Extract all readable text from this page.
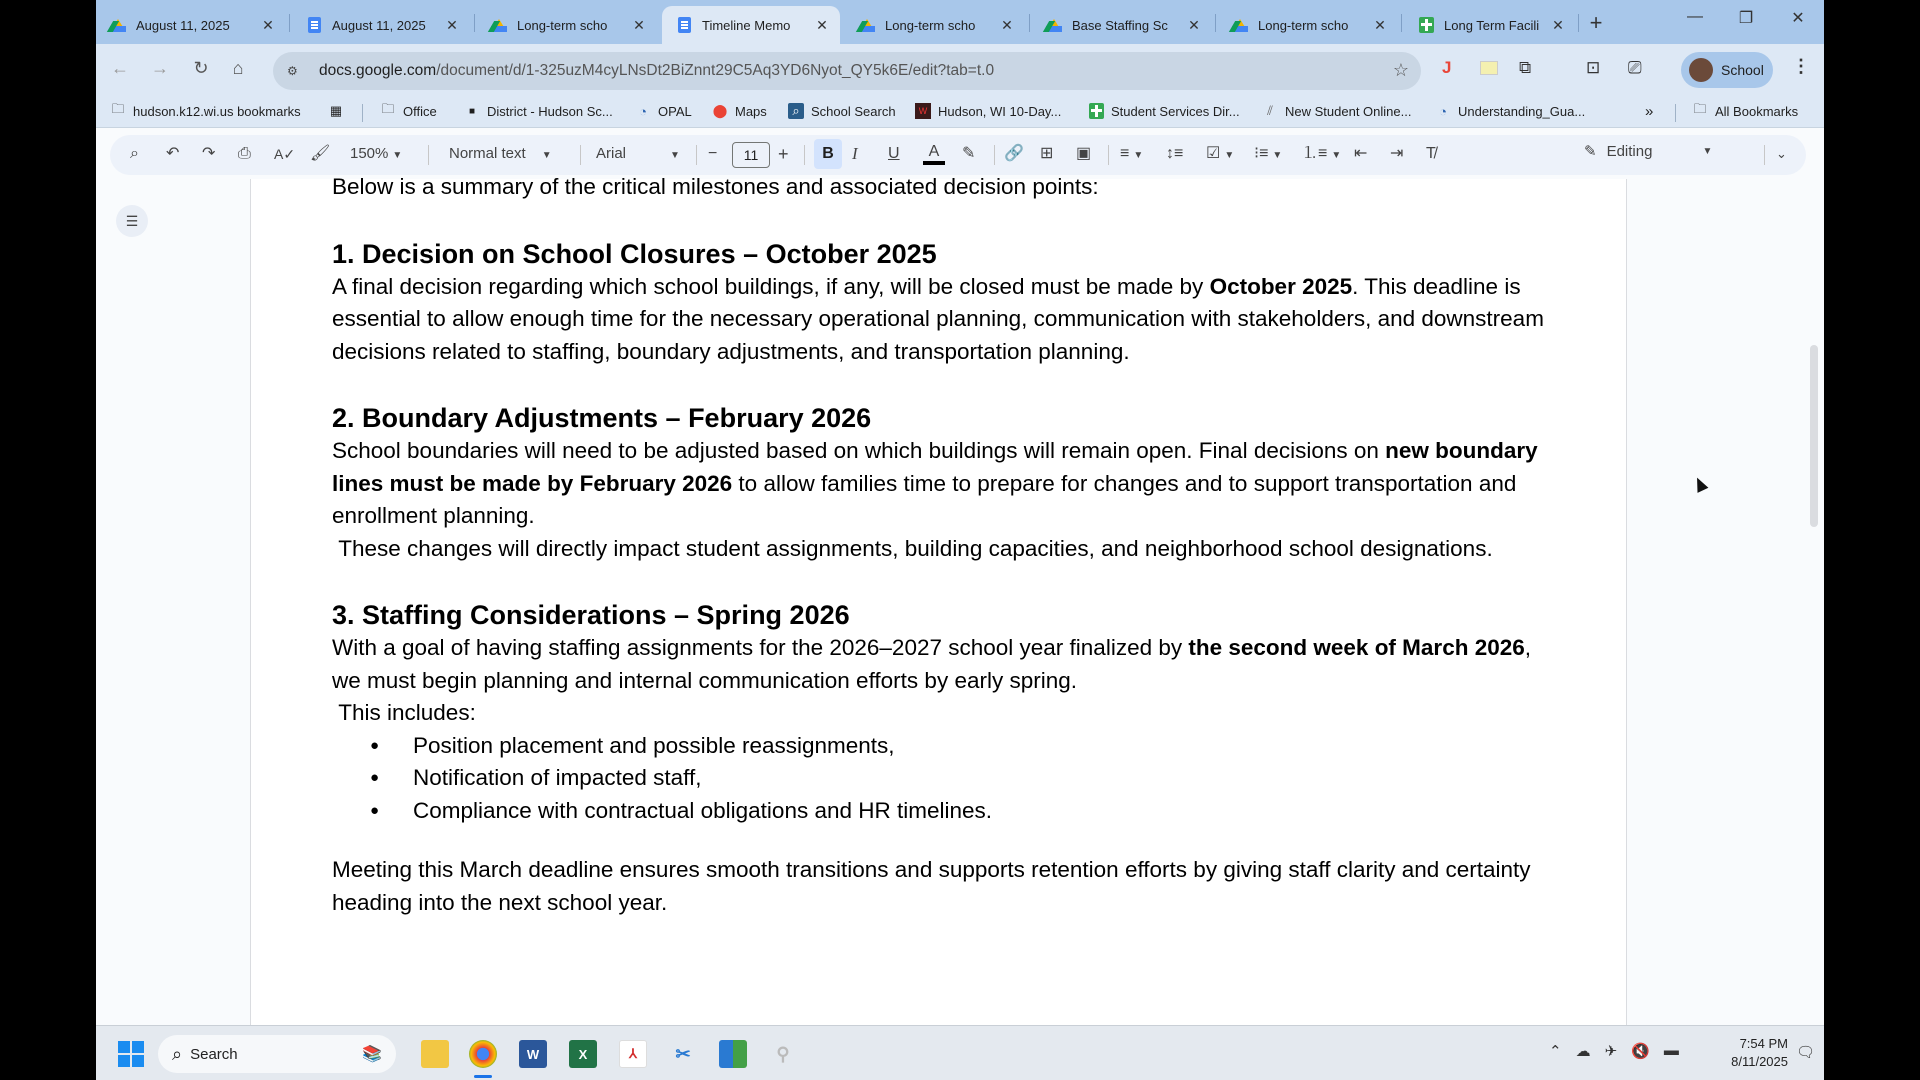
August 11, 2025	✕	August 11, 2025	✕	Long-term scho	✕	Timeline Memo	✕	Long-term scho	✕	Base Staffing Sc	✕	Long-term scho	✕	Long Term Facili ✕ +	—	❐	✕
← →	↻	⌂	⚙	docs.google.com/document/d/1-325uzM4cyLNsDt2BiZnnt29C5Aq3YD6Nyot_QY5k6E/edit?tab=t.0	☆ J	⧉	⊡ ⎚	School ⋮
🗀 hudson.k12.wi.us bookmarks ▦	🗀 Office	■ District - Hudson Sc...	◔ OPAL ⬤ Maps	⌕ School Search	W Hudson, WI 10-Day...	Student Services Dir...	⫽ New Student Online...	◔ Understanding_Gua...	»	🗀 All Bookmarks
⌕ ↶ ↷ ⎙ A✓ 🖌 150% ▼	Normal text ▼	Arial	▼ −	11	+	B	I U	A	✎ 🔗 ⊞ ▣ ≡ ▼ ↕≡ ☑ ▼ ⁝≡ ▼ ⒈≡ ▼ ⇤ ⇥ T̸	✎ Editing	▼	⌄
☰

Below is a summary of the critical milestones and associated decision points:

1. Decision on School Closures – October 2025

A final decision regarding which school buildings, if any, will be closed must be made by October 2025. This deadline is essential to allow enough time for the necessary operational planning, communication with stakeholders, and downstream decisions related to staffing, boundary adjustments, and transportation planning.

2. Boundary Adjustments – February 2026

School boundaries will need to be adjusted based on which buildings will remain open. Final decisions on new boundary lines must be made by February 2026 to allow families time to prepare for changes and to support transportation and enrollment planning.

These changes will directly impact student assignments, building capacities, and neighborhood school designations.

3. Staffing Considerations – Spring 2026

With a goal of having staffing assignments for the 2026–2027 school year finalized by the second week of March 2026, we must begin planning and internal communication efforts by early spring.

This includes:

● Position placement and possible reassignments,
● Notification of impacted staff,
● Compliance with contractual obligations and HR timelines.

Meeting this March deadline ensures smooth transitions and supports retention efforts by giving staff clarity and certainty heading into the next school year.

⌕ Search	📚	W	X	⅄	✂	⚲	⌃ ☁ ✈ 🔇 ▬	7:54 PM
8/11/2025
🗨
